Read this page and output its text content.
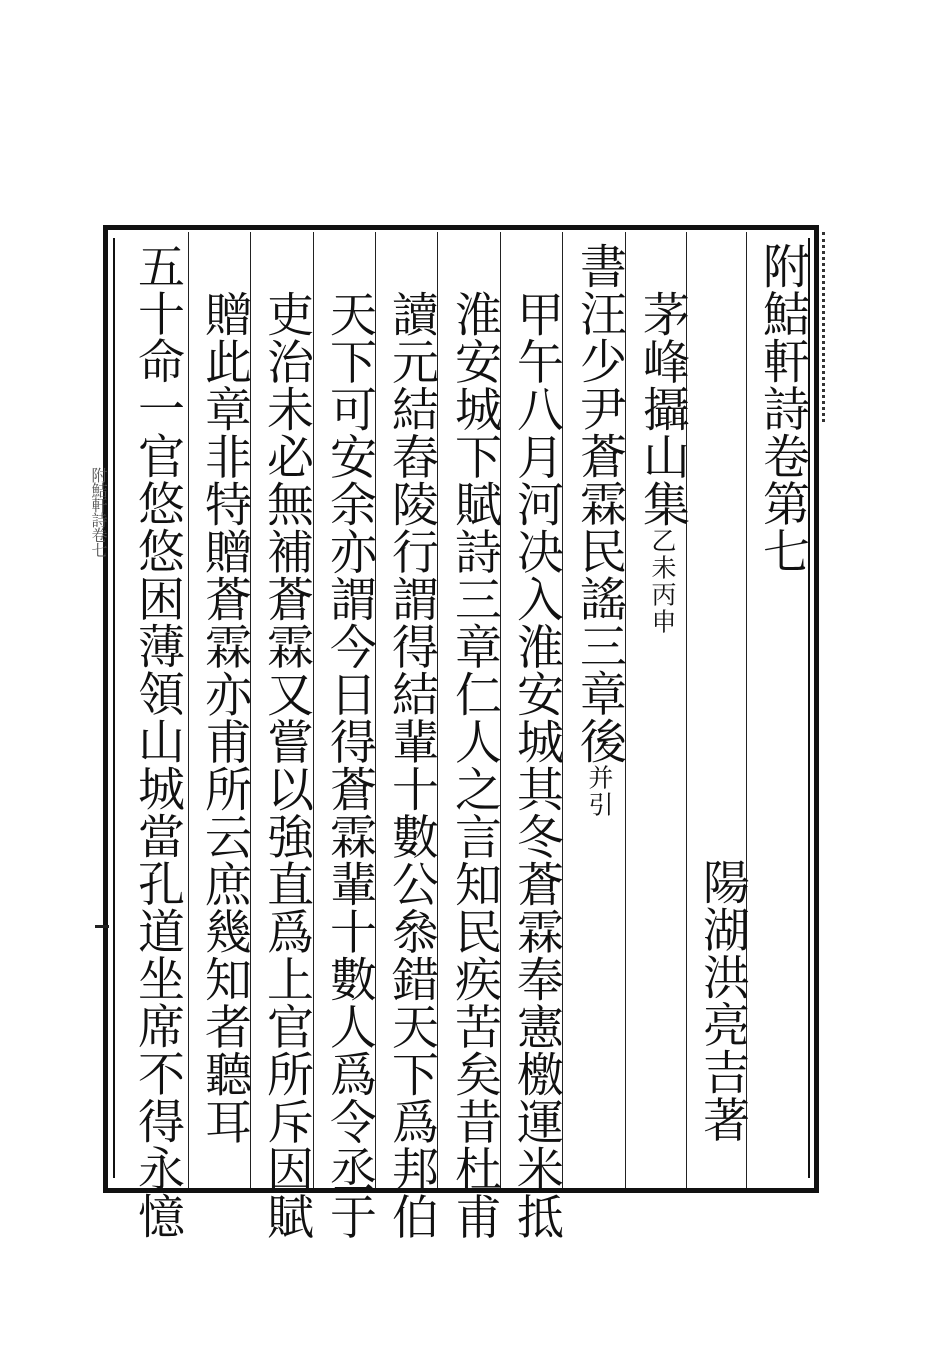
附鮚軒詩卷第七
陽湖洪亮吉著
茅峰攝山集乙未丙申
書汪少尹蒼霖民謠三章後并引
甲午八月河决入淮安城其冬蒼霖奉憲檄運米抵
淮安城下賦詩三章仁人之言知民疾苦矣昔杜甫
讀元結舂陵行謂得結輩十數公叅錯天下爲邦伯
天下可安余亦謂今日得蒼霖輩十數人爲令丞于
吏治未必無補蒼霖又嘗以強直爲上官所斥因賦
贈此章非特贈蒼霖亦甫所云庶幾知者聽耳
五十命一官悠悠困薄領山城當孔道坐席不得永憶
附鮚軒詩卷七
